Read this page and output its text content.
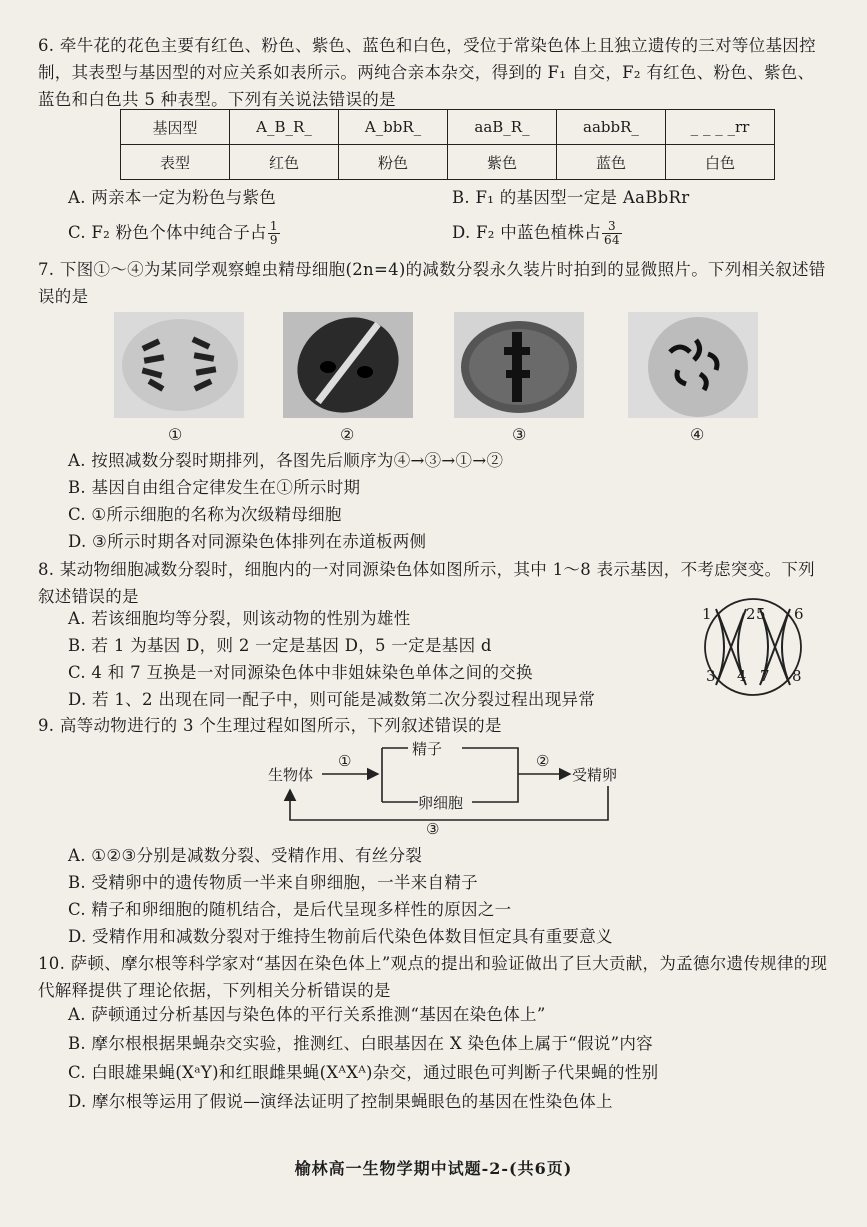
6. 牵牛花的花色主要有红色、粉色、紫色、蓝色和白色，受位于常染色体上且独立遗传的三对等位基因控制，其表型与基因型的对应关系如表所示。两纯合亲本杂交，得到的 F₁ 自交，F₂ 有红色、粉色、紫色、蓝色和白色共 5 种表型。下列有关说法错误的是
基因型	A_B_R_	A_bbR_	aaB_R_	aabbR_	_ _ _ _rr
表型	红色	粉色	紫色	蓝色	白色
A. 两亲本一定为粉色与紫色	B. F₁ 的基因型一定是 AaBbRr
C. F₂ 粉色个体中纯合子占 $\frac{1}{9}$	D. F₂ 中蓝色植株占 $\frac{3}{64}$
7. 下图①～④为某同学观察蝗虫精母细胞(2n=4)的减数分裂永久装片时拍到的显微照片。下列相关叙述错误的是
①	②	③	④
A. 按照减数分裂时期排列，各图先后顺序为④→③→①→②
B. 基因自由组合定律发生在①所示时期
C. ①所示细胞的名称为次级精母细胞
D. ③所示时期各对同源染色体排列在赤道板两侧
8. 某动物细胞减数分裂时，细胞内的一对同源染色体如图所示，其中 1～8 表示基因，不考虑突变。下列叙述错误的是
A. 若该细胞均等分裂，则该动物的性别为雄性
B. 若 1 为基因 D，则 2 一定是基因 D，5 一定是基因 d
C. 4 和 7 互换是一对同源染色体中非姐妹染色单体之间的交换
D. 若 1、2 出现在同一配子中，则可能是减数第二次分裂过程出现异常
1 2 5 6
3 4 7 8
9. 高等动物进行的 3 个生理过程如图所示，下列叙述错误的是
生物体
①
精子
卵细胞
②
受精卵
③
A. ①②③分别是减数分裂、受精作用、有丝分裂
B. 受精卵中的遗传物质一半来自卵细胞，一半来自精子
C. 精子和卵细胞的随机结合，是后代呈现多样性的原因之一
D. 受精作用和减数分裂对于维持生物前后代染色体数目恒定具有重要意义
10. 萨顿、摩尔根等科学家对“基因在染色体上”观点的提出和验证做出了巨大贡献，为孟德尔遗传规律的现代解释提供了理论依据，下列相关分析错误的是
A. 萨顿通过分析基因与染色体的平行关系推测“基因在染色体上”
B. 摩尔根根据果蝇杂交实验，推测红、白眼基因在 X 染色体上属于“假说”内容
C. 白眼雄果蝇(XᵃY)和红眼雌果蝇(XᴬXᴬ)杂交，通过眼色可判断子代果蝇的性别
D. 摩尔根等运用了假说—演绎法证明了控制果蝇眼色的基因在性染色体上
榆林高一生物学期中试题-2-(共6页)
